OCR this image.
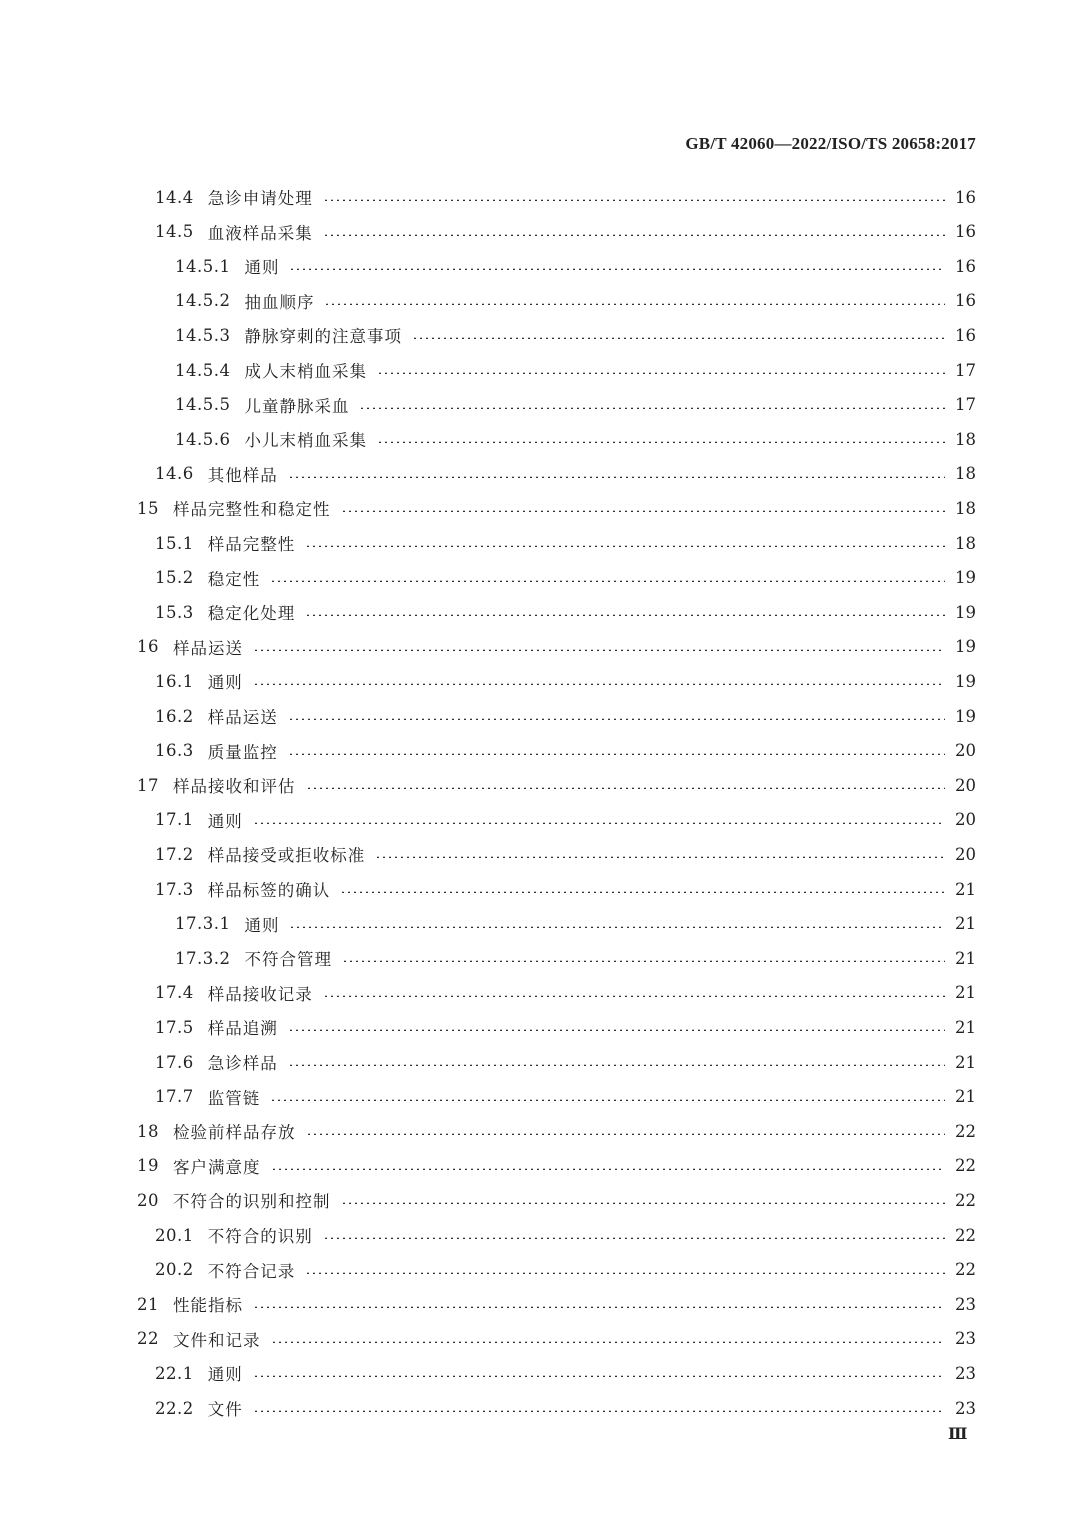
GB/T 42060—2022/ISO/TS 20658:2017
14.4 急诊申请处理	16
14.5 血液样品采集	16
14.5.1 通则	16
14.5.2 抽血顺序	16
14.5.3 静脉穿刺的注意事项	16
14.5.4 成人末梢血采集	17
14.5.5 儿童静脉采血	17
14.5.6 小儿末梢血采集	18
14.6 其他样品	18
15 样品完整性和稳定性	18
15.1 样品完整性	18
15.2 稳定性	19
15.3 稳定化处理	19
16 样品运送	19
16.1 通则	19
16.2 样品运送	19
16.3 质量监控	20
17 样品接收和评估	20
17.1 通则	20
17.2 样品接受或拒收标准	20
17.3 样品标签的确认	21
17.3.1 通则	21
17.3.2 不符合管理	21
17.4 样品接收记录	21
17.5 样品追溯	21
17.6 急诊样品	21
17.7 监管链	21
18 检验前样品存放	22
19 客户满意度	22
20 不符合的识别和控制	22
20.1 不符合的识别	22
20.2 不符合记录	22
21 性能指标	23
22 文件和记录	23
22.1 通则	23
22.2 文件	23
Ⅲ
